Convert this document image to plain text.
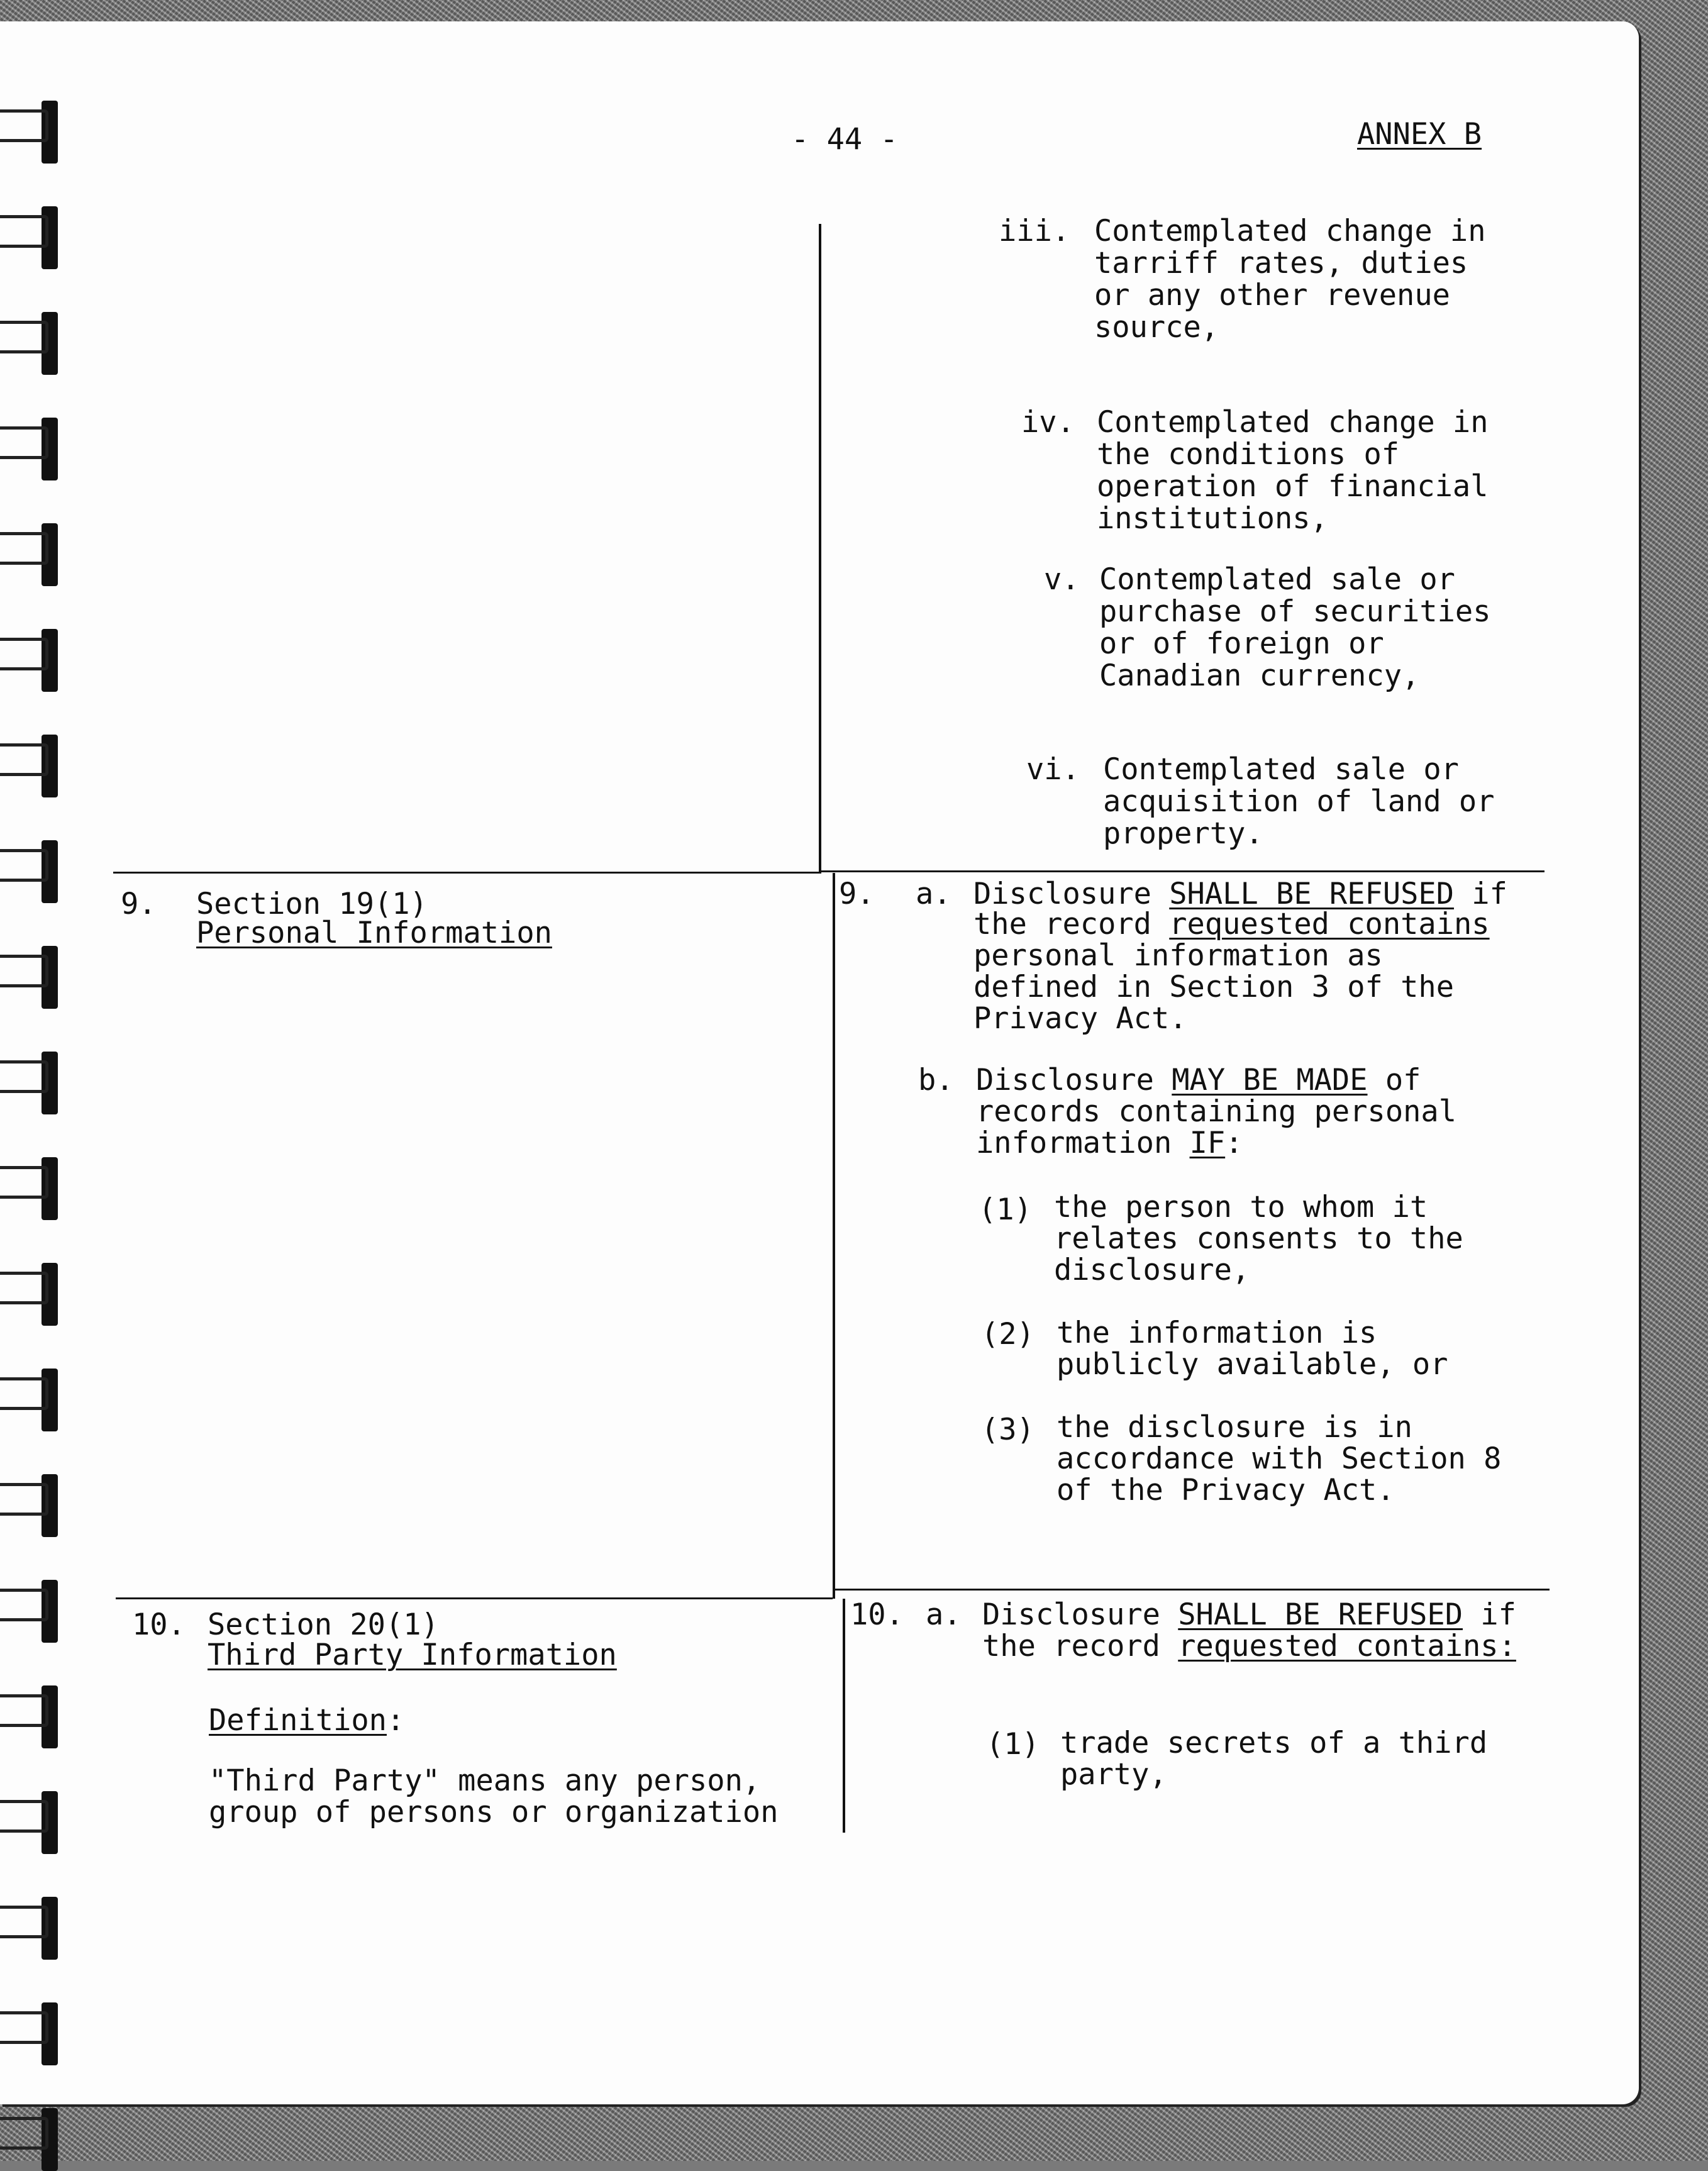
- 44 -	ANNEX B

iii. Contemplated change in

tarriff rates, duties

or any other revenue

source,

iv. Contemplated change in

the conditions of

operation of financial

institutions,

v. Contemplated sale or

purchase of securities

or of foreign or

Canadian currency,

vi. Contemplated sale or

acquisition of land or

property.

9. Section 19(1)

Personal Information

9. a. Disclosure SHALL BE REFUSED if

the record requested contains

personal information as

defined in Section 3 of the

Privacy Act.

b. Disclosure MAY BE MADE of

records containing personal

information IF:

(1) the person to whom it

relates consents to the

disclosure,

(2) the information is

publicly available, or

(3) the disclosure is in

accordance with Section 8

of the Privacy Act.

10. Section 20(1)

Third Party Information

Definition:

"Third Party" means any person,

group of persons or organization

10. a. Disclosure SHALL BE REFUSED if

the record requested contains:

(1) trade secrets of a third

party,
